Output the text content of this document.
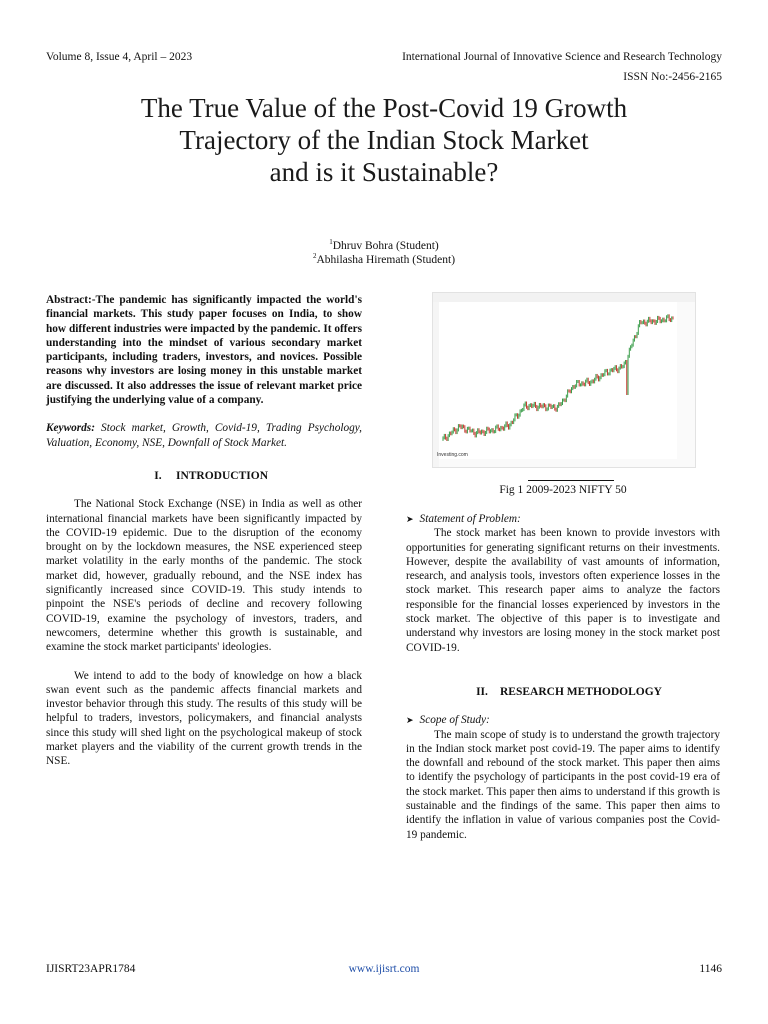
Volume 8, Issue 4, April – 2023	International Journal of Innovative Science and Research Technology
ISSN No:-2456-2165
The True Value of the Post-Covid 19 Growth
Trajectory of the Indian Stock Market
and is it Sustainable?
$^1$Dhruv Bohra (Student)
$^2$Abhilasha Hiremath (Student)
Abstract:-The pandemic has significantly impacted the world's financial markets. This study paper focuses on India, to show how different industries were impacted by the pandemic. It offers understanding into the mindset of various secondary market participants, including traders, investors, and novices. Possible reasons why investors are losing money in this unstable market are discussed. It also addresses the issue of relevant market price justifying the underlying value of a company.
Keywords: Stock market, Growth, Covid-19, Trading Psychology, Valuation, Economy, NSE, Downfall of Stock Market.
I. INTRODUCTION
The National Stock Exchange (NSE) in India as well as other international financial markets have been significantly impacted by the COVID-19 epidemic. Due to the disruption of the economy brought on by the lockdown measures, the NSE experienced steep market volatility in the early months of the pandemic. The stock market did, however, gradually rebound, and the NSE index has significantly increased since COVID-19. This study intends to pinpoint the NSE's periods of decline and recovery following COVID-19, examine the psychology of investors, traders, and newcomers, determine whether this growth is sustainable, and examine the stock market participants' ideologies.
We intend to add to the body of knowledge on how a black swan event such as the pandemic affects financial markets and investor behavior through this study. The results of this study will be helpful to traders, investors, policymakers, and financial analysts since this study will shed light on the psychological makeup of stock market players and the viability of the current growth trends in the NSE.
Investing.com
Fig 1 2009-2023 NIFTY 50
➤ Statement of Problem:
The stock market has been known to provide investors with opportunities for generating significant returns on their investments. However, despite the availability of vast amounts of information, research, and analysis tools, investors often experience losses in the stock market. This research paper aims to analyze the factors responsible for the financial losses experienced by investors in the stock market. The objective of this paper is to investigate and understand why investors are losing money in the stock market post COVID-19.
II. RESEARCH METHODOLOGY
➤ Scope of Study:
The main scope of study is to understand the growth trajectory in the Indian stock market post covid-19. The paper aims to identify the downfall and rebound of the stock market. This paper then aims to identify the psychology of participants in the post covid-19 era of the stock market. This paper then aims to understand if this growth is sustainable and the findings of the same. This paper then aims to identify the inflation in value of various companies post the Covid-19 pandemic.
IJISRT23APR1784	www.ijisrt.com	1146
